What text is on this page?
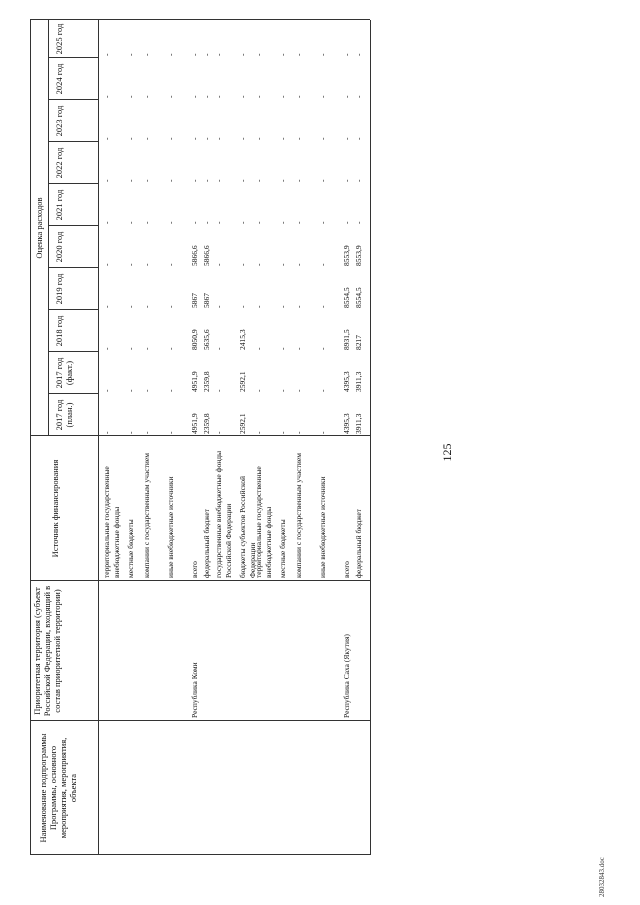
125
28032843.doc
Наименование подпрограммы Программы, основного мероприятия, мероприятия, объекта
Приоритетная территория (субъект Российской Федерации, входящий в состав приоритетной территории)
Источник финансирования
Оценка расходов
2017 год (план.)
2017 год (факт.)
2018 год
2019 год
2020 год
2021 год
2022 год
2023 год
2024 год
2025 год
территориальные государственные внебюджетные фонды
-
-
-
-
-
-
-
-
-
-
местные бюджеты
-
-
-
-
-
-
-
-
-
-
компании с государственным участием
-
-
-
-
-
-
-
-
-
-
иные внебюджетные источники
-
-
-
-
-
-
-
-
-
-
Республика Коми
всего
4951,9
4951,9
8050,9
5867
5866,6
-
-
-
-
-
федеральный бюджет
2359,8
2359,8
5635,6
5867
5866,6
-
-
-
-
-
государственные внебюджетные фонды Российской Федерации
-
-
-
-
-
-
-
-
-
-
бюджеты субъектов Российской Федерации
2592,1
2592,1
2415,3
-
-
-
-
-
-
-
территориальные государственные внебюджетные фонды
-
-
-
-
-
-
-
-
-
-
местные бюджеты
-
-
-
-
-
-
-
-
-
-
компании с государственным участием
-
-
-
-
-
-
-
-
-
-
иные внебюджетные источники
-
-
-
-
-
-
-
-
-
-
Республика Саха (Якутия)
всего
4395,3
4395,3
8931,5
8554,5
8553,9
-
-
-
-
-
федеральный бюджет
3911,3
3911,3
8217
8554,5
8553,9
-
-
-
-
-
